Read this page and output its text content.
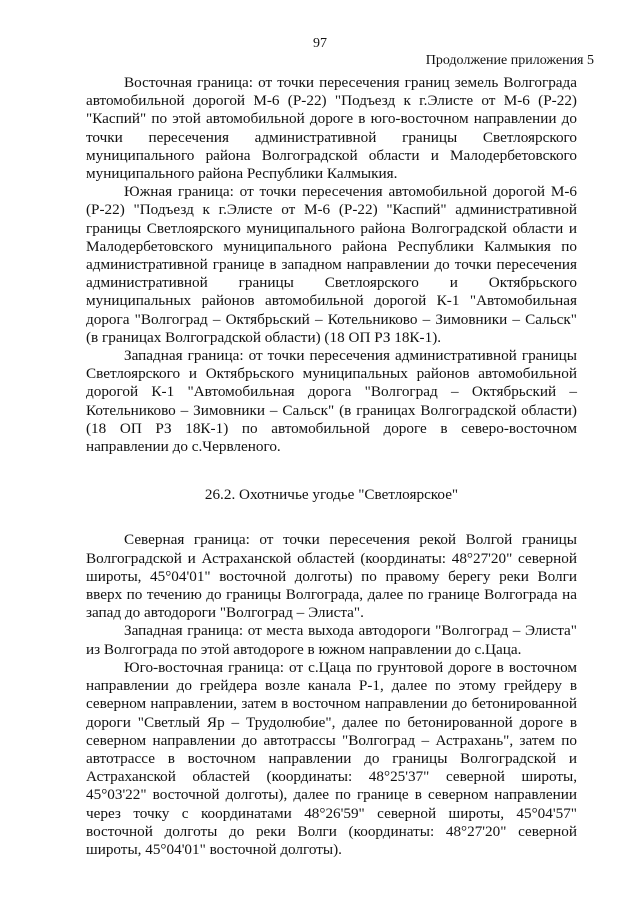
97
Продолжение приложения 5

Восточная граница: от точки пересечения границ земель Волгограда автомобильной дорогой М-6 (Р-22) "Подъезд к г.Элисте от М-6 (Р-22) "Каспий" по этой автомобильной дороге в юго-восточном направлении до точки пересечения административной границы Светлоярского муниципального района Волгоградской области и Малодербетовского муниципального района Республики Калмыкия.

Южная граница: от точки пересечения автомобильной дорогой М-6 (Р-22) "Подъезд к г.Элисте от М-6 (Р-22) "Каспий" административной границы Светлоярского муниципального района Волгоградской области и Малодербетовского муниципального района Республики Калмыкия по административной границе в западном направлении до точки пересечения административной границы Светлоярского и Октябрьского муниципальных районов автомобильной дорогой К-1 "Автомобильная дорога "Волгоград – Октябрьский – Котельниково – Зимовники – Сальск" (в границах Волгоградской области) (18 ОП РЗ 18К-1).

Западная граница: от точки пересечения административной границы Светлоярского и Октябрьского муниципальных районов автомобильной дорогой К-1 "Автомобильная дорога "Волгоград – Октябрьский – Котельниково – Зимовники – Сальск" (в границах Волгоградской области) (18 ОП РЗ 18К-1) по автомобильной дороге в северо-восточном направлении до с.Червленого.

26.2. Охотничье угодье "Светлоярское"

Северная граница: от точки пересечения рекой Волгой границы Волгоградской и Астраханской областей (координаты: 48°27'20" северной широты, 45°04'01" восточной долготы) по правому берегу реки Волги вверх по течению до границы Волгограда, далее по границе Волгограда на запад до автодороги "Волгоград – Элиста".

Западная граница: от места выхода автодороги "Волгоград – Элиста" из Волгограда по этой автодороге в южном направлении до с.Цаца.

Юго-восточная граница: от с.Цаца по грунтовой дороге в восточном направлении до грейдера возле канала Р-1, далее по этому грейдеру в северном направлении, затем в восточном направлении до бетонированной дороги "Светлый Яр – Трудолюбие", далее по бетонированной дороге в северном направлении до автотрассы "Волгоград – Астрахань", затем по автотрассе в восточном направлении до границы Волгоградской и Астраханской областей (координаты: 48°25'37" северной широты, 45°03'22" восточной долготы), далее по границе в северном направлении через точку с координатами 48°26'59" северной широты, 45°04'57" восточной долготы до реки Волги (координаты: 48°27'20" северной широты, 45°04'01" восточной долготы).
